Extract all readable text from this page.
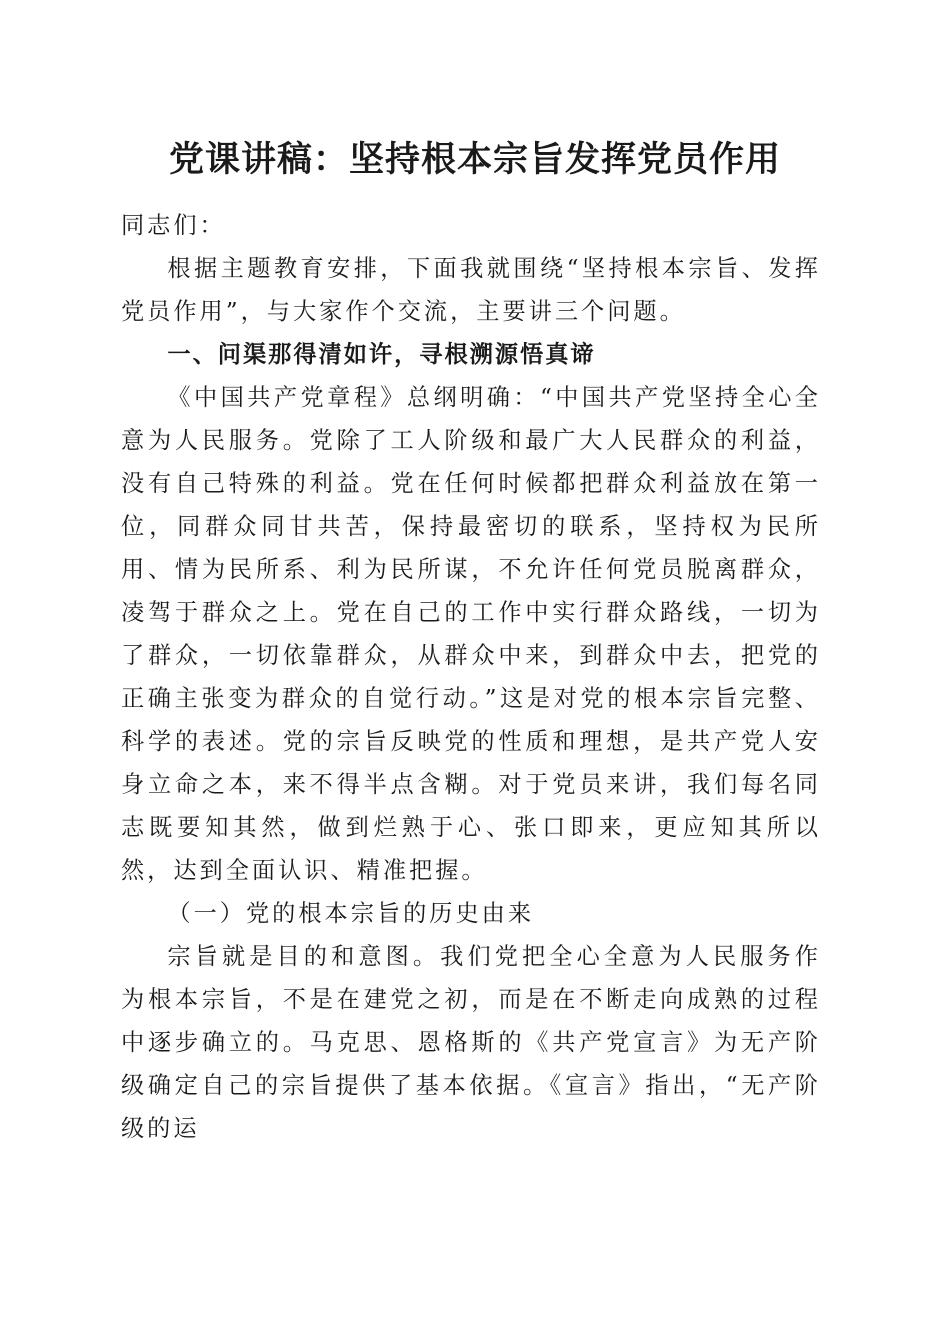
党课讲稿：坚持根本宗旨发挥党员作用

同志们：

根据主题教育安排，下面我就围绕“坚持根本宗旨、发挥党员作用”，与大家作个交流，主要讲三个问题。

一、问渠那得清如许，寻根溯源悟真谛

《中国共产党章程》总纲明确：“中国共产党坚持全心全意为人民服务。党除了工人阶级和最广大人民群众的利益，没有自己特殊的利益。党在任何时候都把群众利益放在第一位，同群众同甘共苦，保持最密切的联系，坚持权为民所用、情为民所系、利为民所谋，不允许任何党员脱离群众，凌驾于群众之上。党在自己的工作中实行群众路线，一切为了群众，一切依靠群众，从群众中来，到群众中去，把党的正确主张变为群众的自觉行动。”这是对党的根本宗旨完整、科学的表述。党的宗旨反映党的性质和理想，是共产党人安身立命之本，来不得半点含糊。对于党员来讲，我们每名同志既要知其然，做到烂熟于心、张口即来，更应知其所以然，达到全面认识、精准把握。

（一）党的根本宗旨的历史由来

宗旨就是目的和意图。我们党把全心全意为人民服务作为根本宗旨，不是在建党之初，而是在不断走向成熟的过程中逐步确立的。马克思、恩格斯的《共产党宣言》为无产阶级确定自己的宗旨提供了基本依据。《宣言》指出，“无产阶级的运
